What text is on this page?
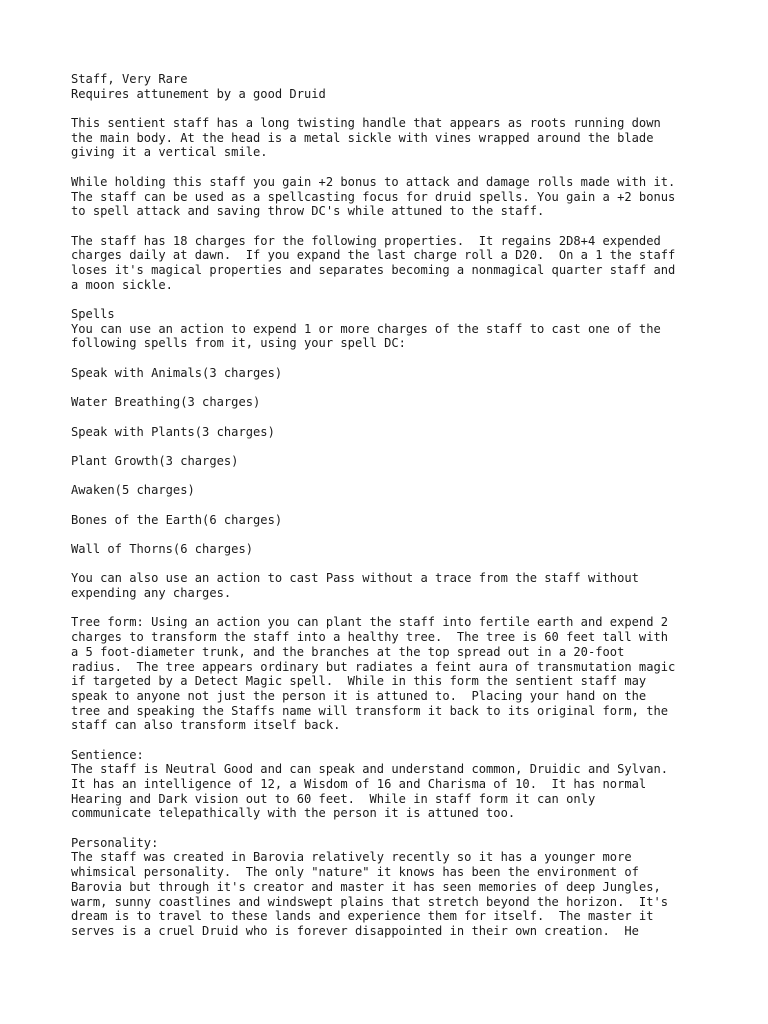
Staff, Very Rare
Requires attunement by a good Druid
This sentient staff has a long twisting handle that appears as roots running down
the main body. At the head is a metal sickle with vines wrapped around the blade
giving it a vertical smile.
While holding this staff you gain +2 bonus to attack and damage rolls made with it.
The staff can be used as a spellcasting focus for druid spells. You gain a +2 bonus
to spell attack and saving throw DC's while attuned to the staff.
The staff has 18 charges for the following properties.  It regains 2D8+4 expended
charges daily at dawn.  If you expand the last charge roll a D20.  On a 1 the staff
loses it's magical properties and separates becoming a nonmagical quarter staff and
a moon sickle.
Spells
You can use an action to expend 1 or more charges of the staff to cast one of the
following spells from it, using your spell DC:
Speak with Animals(3 charges)
Water Breathing(3 charges)
Speak with Plants(3 charges)
Plant Growth(3 charges)
Awaken(5 charges)
Bones of the Earth(6 charges)
Wall of Thorns(6 charges)
You can also use an action to cast Pass without a trace from the staff without
expending any charges.
Tree form: Using an action you can plant the staff into fertile earth and expend 2
charges to transform the staff into a healthy tree.  The tree is 60 feet tall with
a 5 foot-diameter trunk, and the branches at the top spread out in a 20-foot
radius.  The tree appears ordinary but radiates a feint aura of transmutation magic
if targeted by a Detect Magic spell.  While in this form the sentient staff may
speak to anyone not just the person it is attuned to.  Placing your hand on the
tree and speaking the Staffs name will transform it back to its original form, the
staff can also transform itself back.
Sentience:
The staff is Neutral Good and can speak and understand common, Druidic and Sylvan.
It has an intelligence of 12, a Wisdom of 16 and Charisma of 10.  It has normal
Hearing and Dark vision out to 60 feet.  While in staff form it can only
communicate telepathically with the person it is attuned too.
Personality:
The staff was created in Barovia relatively recently so it has a younger more
whimsical personality.  The only "nature" it knows has been the environment of
Barovia but through it's creator and master it has seen memories of deep Jungles,
warm, sunny coastlines and windswept plains that stretch beyond the horizon.  It's
dream is to travel to these lands and experience them for itself.  The master it
serves is a cruel Druid who is forever disappointed in their own creation.  He
